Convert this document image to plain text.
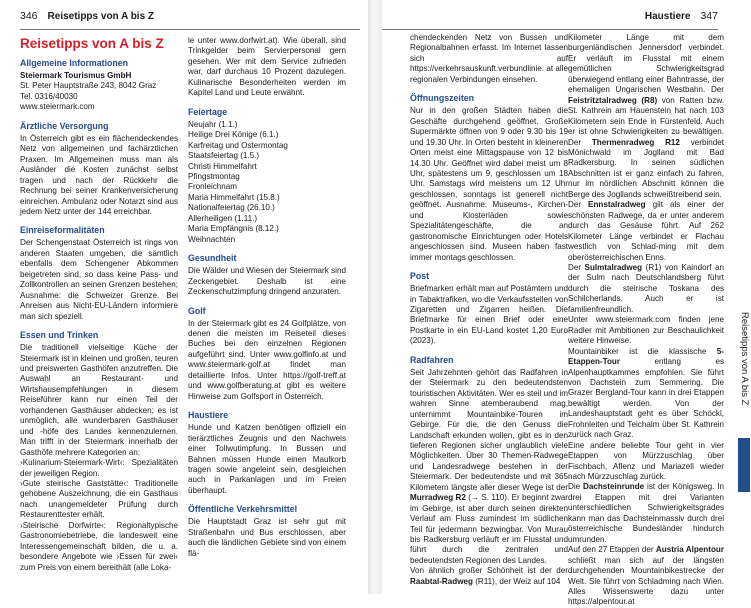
346 Reisetipps von A bis Z
Reisetipps von A bis Z
Allgemeine Informationen
Steiermark Tourismus GmbH
St. Peter Hauptstraße 243, 8042 Graz
Tel. 0316/40030
www.steiermark.com
Ärztliche Versorgung

In Österreich gibt es ein flächendeckendes Netz von allgemeinen und fachärztlichen Praxen. Im Allgemeinen muss man als Ausländer die Kosten zunächst selbst tragen und nach der Rückkehr die Rechnung bei seiner Krankenversicherung einreichen. Ambulanz oder Notarzt sind aus jedem Netz unter der 144 erreichbar.

Einreiseformalitäten

Der Schengenstaat Österreich ist rings von anderen Staaten umgeben, die sämtlich ebenfalls dem Schengener Abkommen beigetreten sind, so dass keine Pass- und Zollkontrollen an seinen Grenzen bestehen; Ausnahme: die Schweizer Grenze. Bei Anreisen aus Nicht-EU-Ländern informiere man sich speziell.

Essen und Trinken

Die traditionell vielseitige Küche der Steiermark ist in kleinen und großen, teuren und preiswerten Gasthöfen anzutreffen. Die Auswahl an Restaurant- und Wirtshausempfehlungen in diesem Reiseführer kann nur einen Teil der vorhandenen Gasthäuser abdecken; es ist unmöglich, alle wunderbaren Gasthäuser und -höfe des Landes kennenzulernen. Man trifft in der Steiermark innerhalb der Gasthöfe mehrere Kategorien an:

›Kulinarium-Steiermark-Wirt‹: Spezialitäten der jeweiligen Region.

›Gute steirische Gaststätte‹: Traditionelle gehobene Auszeichnung, die ein Gasthaus nach unangemeldeter Prüfung durch Restaurenttester erhält.

›Steirische Dorfwirte‹: Regionaltypische Gastronomiebetriebe, die landesweit eine Interessengemeinschaft bilden, die u. a. besondere Angebote wie ›Essen für zwei‹ zum Preis von einem bereithält (alle Loka-

le unter www.dorfwirt.at). Wie überall, sind Trinkgelder beim Servierpersonal gern gesehen. Wer mit dem Service zufrieden war, darf durchaus 10 Prozent dazulegen. Kulinarische Besonderheiten werden im Kapitel Land und Leute erwähnt.

Feiertage
Neujahr (1.1.)
Heilige Drei Könige (6.1.)
Karfreitag und Ostermontag
Staatsfeiertag (1.5.)
Christi Himmelfahrt
Pfingstmontag
Fronleichnam
Maria Himmelfahrt (15.8.)
Nationalfeiertag (26.10.)
Allerheiligen (1.11.)
Maria Empfängnis (8.12.)
Weihnachten
Gesundheit

Die Wälder und Wiesen der Steiermark sind Zeckengebiet. Deshalb ist eine Zeckenschutzimpfung dringend anzuraten.

Golf

In der Steiermark gibt es 24 Golfplätze, von denen die meisten im Reiseteil dieses Buches bei den einzelnen Regionen aufgeführt sind. Unter www.golfinfo.at und www.steiermark-golf.at findet man detaillierte Infos. Unter https://golf-treff.at und www.golfberatung.at gibt es weitere Hinweise zum Golfsport in Österreich.

Haustiere

Hunde und Katzen benötigen offiziell ein tierärztliches Zeugnis und den Nachweis einer Tollwutimpfung. In Bussen und Bahnen müssen Hunde einen Maulkorb tragen sowie angeleint sein, desgleichen auch in Parkanlagen und im Freien überhaupt.

Öffentliche Verkehrsmittel

Die Hauptstadt Graz ist sehr gut mit Straßenbahn und Bus erschlossen, aber auch die ländlichen Gebiete sind von einem flä-

Haustiere 347

chendeckenden Netz von Bussen und Regionalbahnen erfasst. Im Internet lassen sich auf https://verkehrsauskunft.verbundlinie. at alle regionalen Verbindungen einsehen.

Öffnungszeiten

Nur in den großen Städten haben die Geschäfte durchgehend geöffnet. Große Supermärkte öffnen von 9 oder 9.30 bis 19 und 19.30 Uhr. In Orten besteht in kleineren Orten meist eine Mittagspause von 12 bis 14.30 Uhr. Geöffnet wird dabei meist um 8 Uhr, spätestens um 9, geschlossen um 18 Uhr. Samstags wird meistens um 12 Uhr geschlossen, sonntags ist generell nicht geöffnet. Ausnahme: Museums-, Kirchen- und Klosterläden sowie Spezialitätengeschäfte, die an gastronomische Einrichtungen oder Hotels angeschlossen sind. Museen haben fast immer montags geschlossen.

Post

Briefmarken erhält man auf Postämtern und in Tabaktrafiken, wo die Verkaufsstellen von Zigaretten und Zigarren heißen. Die Briefmarke für einen Brief oder eine Postkarte in ein EU-Land kostet 1,20 Euro (2023).

Radfahren

Seit Jahrzehnten gehört das Radfahren in der Steiermark zu den bedeutendsten touristischen Aktivitäten. Wer es steil und im wahren Sinne atemberaubend mag, unternimmt Mountainbike-Touren im Gebirge. Für die, die den Genuss die Landschaft erkunden wollen, gibt es in den tieferen Regionen sicher unglaublich viele Möglichkeiten. Über 30 Themen-Radwege und Landesradwege bestehen in der Steiermark. Der bedeutendste und mit 365 Kilometern längste aller dieser Wege ist der Murradweg R2 (→ S. 110). Er beginnt zwar im Gebirge, ist aber durch seinen direkten Verlauf am Fluss zumindest im südlichen Teil für jedermann bezwingbar. Von Murau bis Radkersburg verläuft er im Flusstal und führt durch die zentralen und bedeutendsten Regionen des Landes.

Von ähnlich großer Schönheit ist der der Raabtal-Radweg (R11), der Weiz auf 104

Kilometer Länge mit dem burgenländischen Jennersdorf verbindet. Er verläuft im Flusstal mit einem gemütlichen Schwierigkeitsgrad überwiegend entlang einer Bahntrasse, der ehemaligen Ungarischen Westbahn. Der Feistritztalradweg (R8) von Ratten bzw. St. Kathrein am Hauenstein hat nach 103 Kilometern sein Ende in Fürstenfeld. Auch er ist ohne Schwierigkeiten zu bewältigen. Der Thermenradweg R12 verbindet Mönichwald im Joglland mit Bad Radkersburg. In seinen südlichen Abschnitten ist er ganz einfach zu fahren, nur im nördlichen Abschnitt können die Berge des Jogllands schweißtreibend sein.

Der Ennstalradweg gilt als einer der schönsten Radwege, da er unter anderem durch das Gesäuse führt. Auf 262 Kilometer Länge verbindet er Flachau westlich von Schlad-ming mit dem oberösterreichischen Enns.

Der Sulmtalradweg (R1) von Kaindorf an der Sulm nach Deutschlandsberg führt durch die steirische Toskana des Schilcherlands. Auch er ist familienfreundlich.

Unter www.steiermark.com finden jene Radler mit Ambitionen zur Beschaulichkeit weitere Hinweise.

Mountainbiker ist die klassische 5-Etappen-Tour	entlang es Alpenhauptkammes empfohlen. Sie führt von Dachstein zum Semmering. Die Grazer Bergland-Tour kann in drei Etappen bewältigt werden. Von der Landeshauptstadt geht es über Schöckl, Frohnleiten und Teichalm über St. Kathrein zurück nach Graz.

Eine andere beliebte Tour geht in vier Etappen von Mürzzuschlag über Fischbach, Aflenz und Mariazell wieder nach Mürzzuschlag zurück.

Die Dachsteinrunde ist der Königsweg. In drei Etappen mit drei Varianten unterschiedlichen Schwierigkeitsgrades kann man das Dachsteinmassiv durch drei österreichische Bundesländer hindurch umrunden.

Auf den 27 Etappen der Austria Alpentour schließt man sich auf der längsten durchgehenden Mountainbikestrecke der Welt. Sie führt von Schladming nach Wien. Alles Wissenswerte dazu unter https://alpentour.at

Reisetipps von A bis Z
